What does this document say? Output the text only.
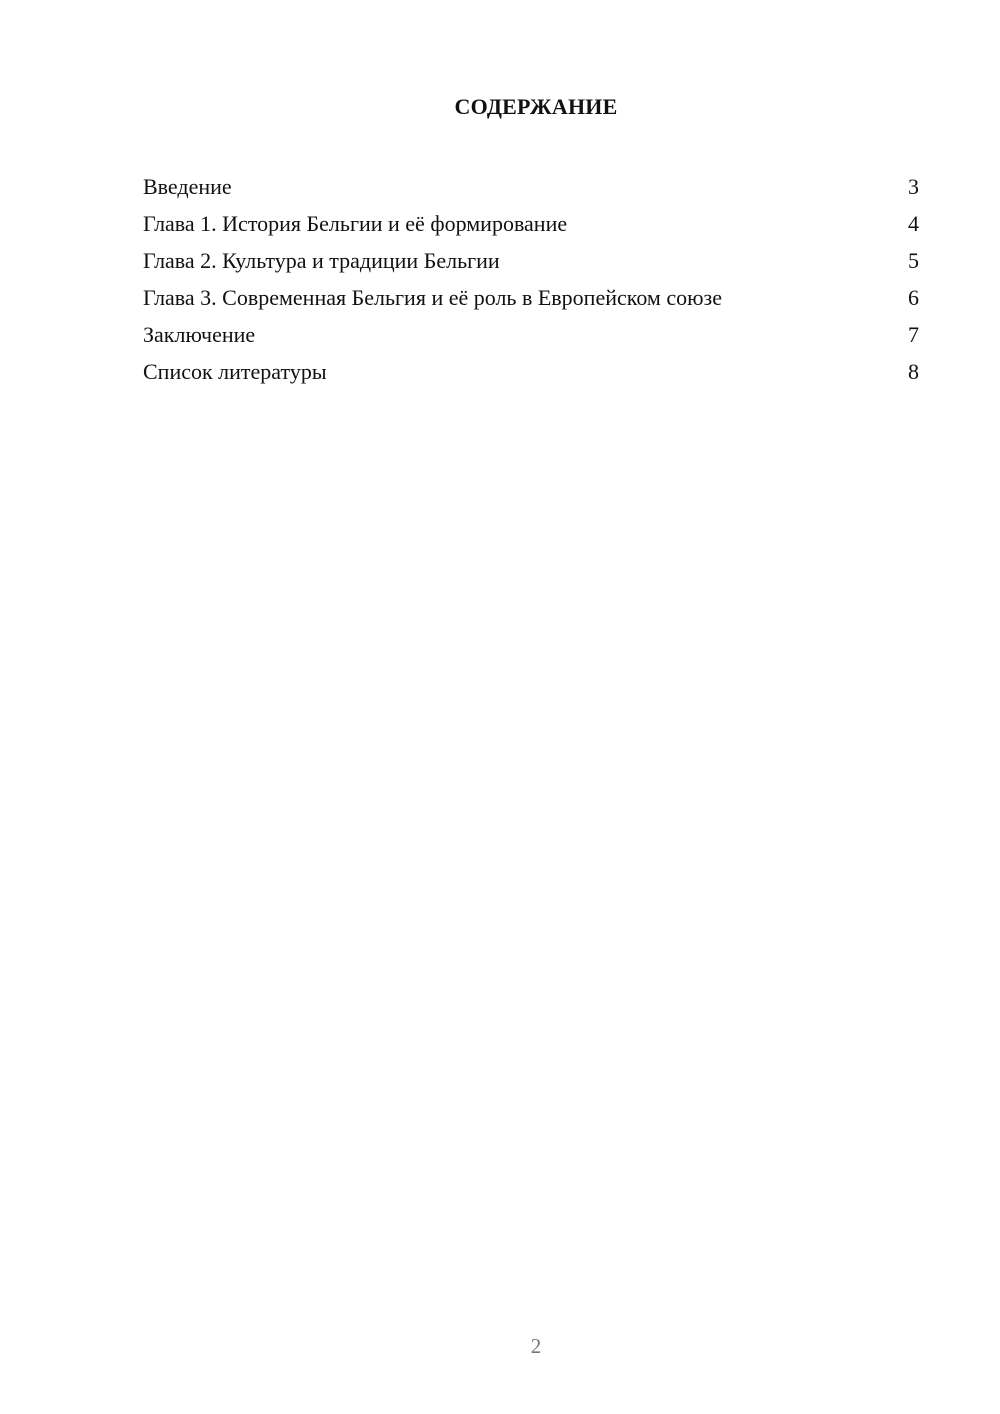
СОДЕРЖАНИЕ
Введение	3
Глава 1. История Бельгии и её формирование	4
Глава 2. Культура и традиции Бельгии	5
Глава 3. Современная Бельгия и её роль в Европейском союзе	6
Заключение	7
Список литературы	8
2
